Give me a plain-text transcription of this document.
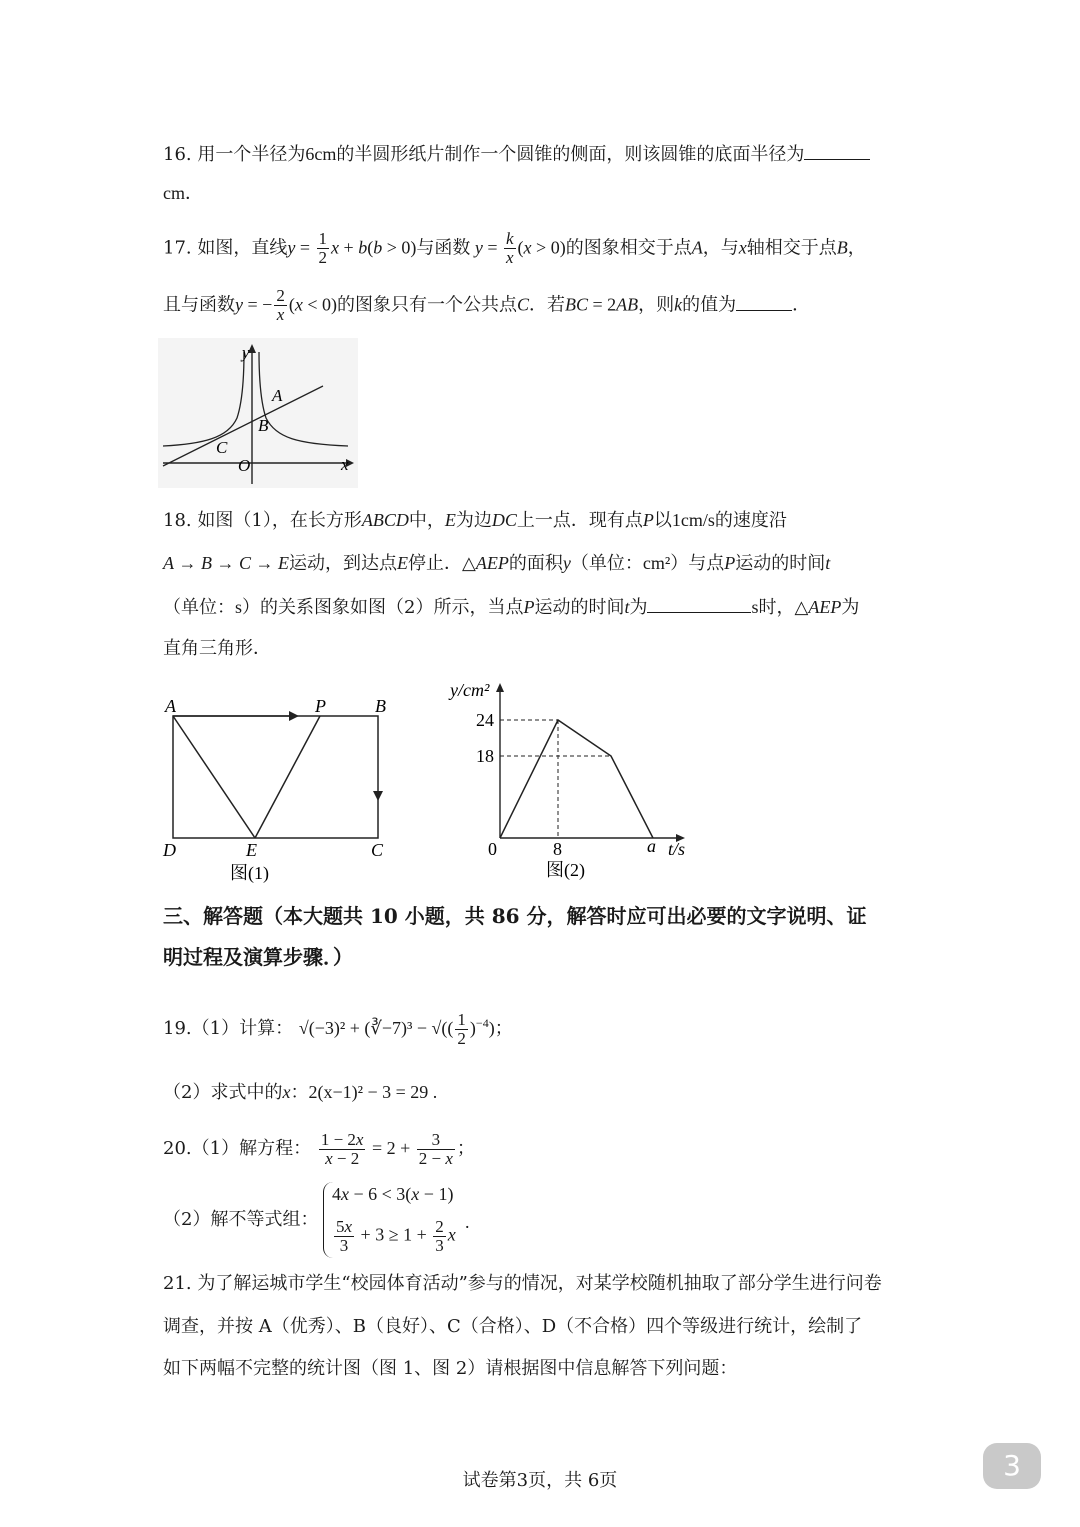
16. 用一个半径为6cm的半圆形纸片制作一个圆锥的侧面，则该圆锥的底面半径为
cm．
17. 如图，直线$y = \frac{1}{2}$ x + b(b > 0)与函数 $y = \frac{k}{x} (x > 0)$的图象相交于点A，与x轴相交于点B，
且与函数y = − $\frac{2}{x} (x < 0)$的图象只有一个公共点C．若BC = 2AB，则k的值为	．
y
A
B
C
O	x
18. 如图（1），在长方形ABCD中，E为边DC上一点．现有点P以1cm/s的速度沿
A → B → C → E运动，到达点E停止．△AEP的面积y（单位：cm²）与点P运动的时间t
（单位：s）的关系图象如图（2）所示，当点P运动的时间t为	s时，△AEP为
直角三角形．
A	P	B
D	E	C
图(1)
y/cm²
24
18
0	8	a t/s
图(2)
三、解答题（本大题共 10 小题，共 86 分，解答时应可出必要的文字说明、证
明过程及演算步骤．）
19.（1）计算： √(−3)² + (∛−7)³ − √(( $\frac{1}{2} )^{-4}$)；
（2）求式中的x：2(x−1)² − 3 = 29 .
20.（1）解方程： $\frac{1 - 2x}{x - 2} = 2 + \frac{3}{2 - x}$ ；
（2）解不等式组：
4x − 6 < 3(x − 1)
$\frac{5x}{3} + 3 \ge 1 + \frac{2}{3}$ x
.
21. 为了解运城市学生“校园体育活动”参与的情况，对某学校随机抽取了部分学生进行问卷
调查，并按 A（优秀）、B（良好）、C（合格）、D（不合格）四个等级进行统计，绘制了
如下两幅不完整的统计图（图 1、图 2）请根据图中信息解答下列问题：
试卷第3页，共 6页	3
